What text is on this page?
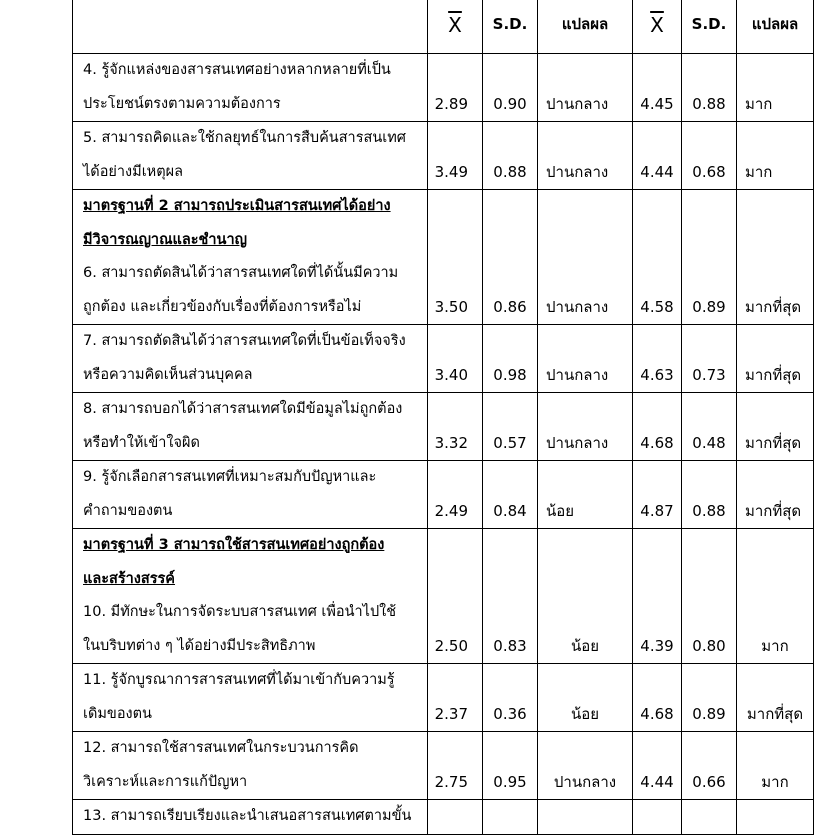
	$\overline{X}$	S.D.	แปลผล	$\overline{X}$	S.D.	แปลผล

4. รู้จักแหล่งของสารสนเทศอย่างหลากหลายที่เป็น
ประโยชน์ตรงตามความต้องการ	2.89	0.90	ปานกลาง	4.45	0.88	มาก

5. สามารถคิดและใช้กลยุทธ์ในการสืบค้นสารสนเทศ
ได้อย่างมีเหตุผล	3.49	0.88	ปานกลาง	4.44	0.68	มาก

มาตรฐานที่ 2 สามารถประเมินสารสนเทศได้อย่าง
มีวิจารณญาณและชำนาญ
6. สามารถตัดสินได้ว่าสารสนเทศใดที่ได้นั้นมีความ
ถูกต้อง และเกี่ยวข้องกับเรื่องที่ต้องการหรือไม่	3.50	0.86	ปานกลาง	4.58	0.89	มากที่สุด

7. สามารถตัดสินได้ว่าสารสนเทศใดที่เป็นข้อเท็จจริง
หรือความคิดเห็นส่วนบุคคล	3.40	0.98	ปานกลาง	4.63	0.73	มากที่สุด

8. สามารถบอกได้ว่าสารสนเทศใดมีข้อมูลไม่ถูกต้อง
หรือทำให้เข้าใจผิด	3.32	0.57	ปานกลาง	4.68	0.48	มากที่สุด

9. รู้จักเลือกสารสนเทศที่เหมาะสมกับปัญหาและ
คำถามของตน	2.49	0.84	น้อย	4.87	0.88	มากที่สุด

มาตรฐานที่ 3 สามารถใช้สารสนเทศอย่างถูกต้อง
และสร้างสรรค์
10. มีทักษะในการจัดระบบสารสนเทศ เพื่อนำไปใช้
ในบริบทต่าง ๆ ได้อย่างมีประสิทธิภาพ	2.50	0.83	น้อย	4.39	0.80	มาก

11. รู้จักบูรณาการสารสนเทศที่ได้มาเข้ากับความรู้
เดิมของตน	2.37	0.36	น้อย	4.68	0.89	มากที่สุด

12. สามารถใช้สารสนเทศในกระบวนการคิด
วิเคราะห์และการแก้ปัญหา	2.75	0.95	ปานกลาง	4.44	0.66	มาก

13. สามารถเรียบเรียงและนำเสนอสารสนเทศตามขั้น						
